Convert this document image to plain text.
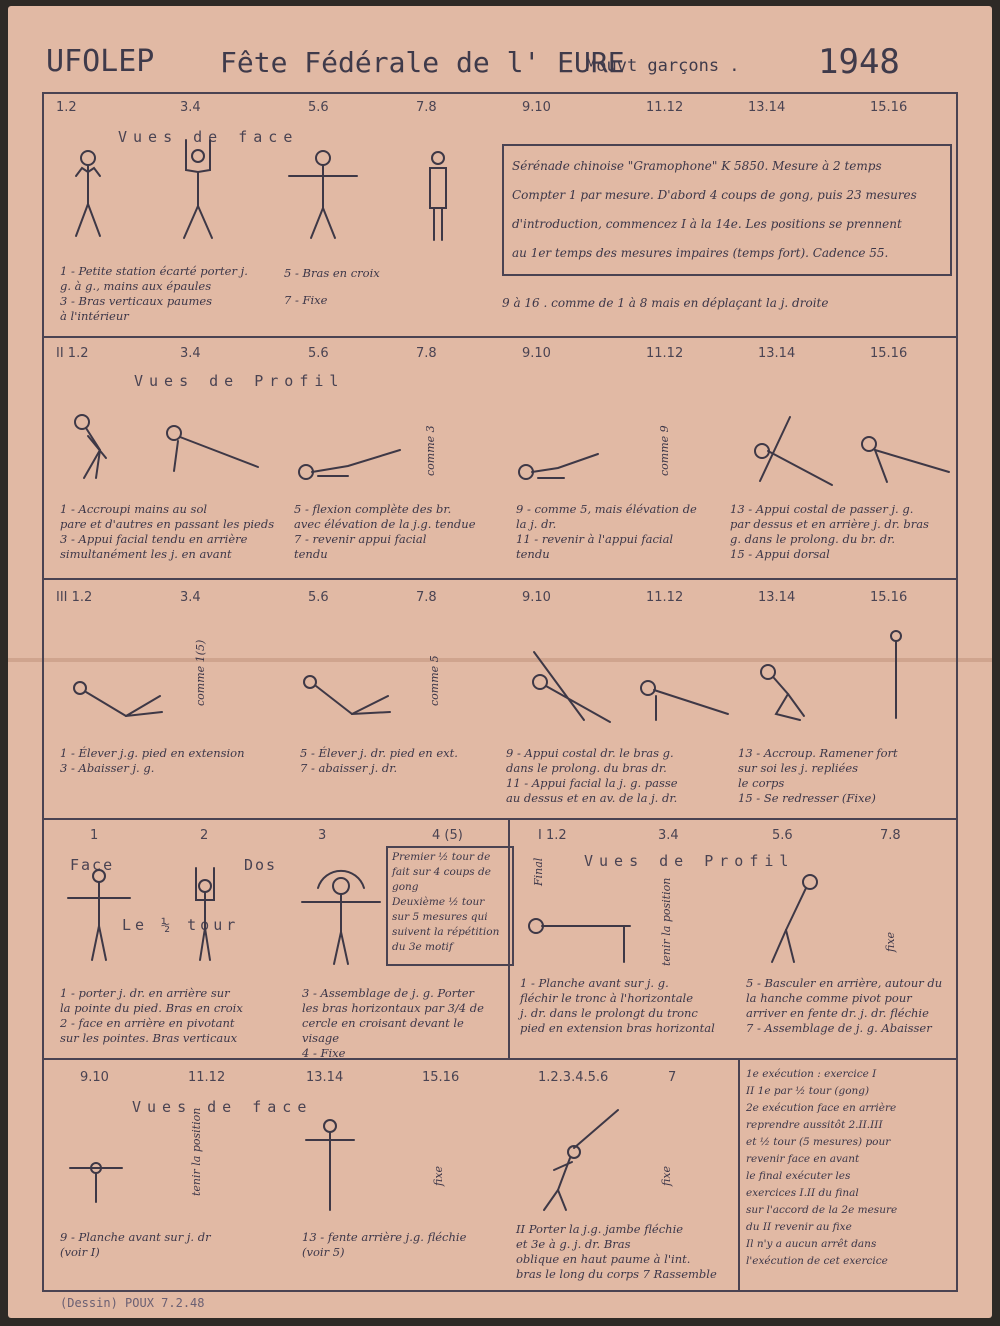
UFOLEP Fête Fédérale de l' EURE
Mouvt garçons . 1948
1.2	3.4	5.6	7.8	9.10	11.12	13.14	15.16
Vues de face

Sérénade chinoise "Gramophone" K 5850. Mesure à 2 temps
Compter 1 par mesure. D'abord 4 coups de gong, puis 23 mesures
d'introduction, commencez I à la 14e. Les positions se prennent
au 1er temps des mesures impaires (temps fort). Cadence 55.

1 - Petite station écarté porter j.
g. à g., mains aux épaules
3 - Bras verticaux paumes
à l'intérieur

5 - Bras en croix
7 - Fixe	9 à 16 . comme de 1 à 8 mais en déplaçant la j. droite

II 1.2	3.4	5.6	7.8	9.10	11.12	13.14	15.16
Vues de Profil
comme 3	comme 9

1 - Accroupi mains au sol
pare et d'autres en passant les pieds
3 - Appui facial tendu en arrière
simultanément les j. en avant

5 - flexion complète des br.
avec élévation de la j.g. tendue
7 - revenir appui facial
tendu

9 - comme 5, mais élévation de
la j. dr.
11 - revenir à l'appui facial
tendu

13 - Appui costal de passer j. g.
par dessus et en arrière j. dr. bras
g. dans le prolong. du br. dr.
15 - Appui dorsal

III 1.2	3.4	5.6	7.8	9.10	11.12	13.14	15.16
comme 1(5)	comme 5

1 - Élever j.g. pied en extension
3 - Abaisser j. g.

5 - Élever j. dr. pied en ext.
7 - abaisser j. dr.

9 - Appui costal dr. le bras g.
dans le prolong. du bras dr.
11 - Appui facial la j. g. passe
au dessus et en av. de la j. dr.

13 - Accroup. Ramener fort
sur soi les j. repliées
le corps
15 - Se redresser (Fixe)

1	2	3	4 (5)	I 1.2	3.4	5.6	7.8
Face	Dos
Le ½ tour

Premier ½ tour de
fait sur 4 coups de
gong
Deuxième ½ tour
sur 5 mesures qui
suivent la répétition
du 3e motif

Vues de Profil
Final
tenir la position	fixe

1 - porter j. dr. en arrière sur
la pointe du pied. Bras en croix
2 - face en arrière en pivotant
sur les pointes. Bras verticaux

3 - Assemblage de j. g. Porter
les bras horizontaux par 3/4 de
cercle en croisant devant le
visage
4 - Fixe

1 - Planche avant sur j. g.
fléchir le tronc à l'horizontale
j. dr. dans le prolongt du tronc
pied en extension bras horizontal

5 - Basculer en arrière, autour du
la hanche comme pivot pour
arriver en fente dr. j. dr. fléchie
7 - Assemblage de j. g. Abaisser

9.10	11.12	13.14	15.16	1.2.3.4.5.6	7
Vues de face
tenir la position	fixe	fixe

9 - Planche avant sur j. dr
(voir I)

13 - fente arrière j.g. fléchie
(voir 5)

II Porter la j.g. jambe fléchie
et 3e à g. j. dr. Bras
oblique en haut paume à l'int.
bras le long du corps 7 Rassemble

1e exécution : exercice I
II 1e par ½ tour (gong)
2e exécution face en arrière
reprendre aussitôt 2.II.III
et ½ tour (5 mesures) pour
revenir face en avant
le final exécuter les
exercices I.II du final
sur l'accord de la 2e mesure
du II revenir au fixe
Il n'y a aucun arrêt dans
l'exécution de cet exercice

(Dessin) POUX 7.2.48
